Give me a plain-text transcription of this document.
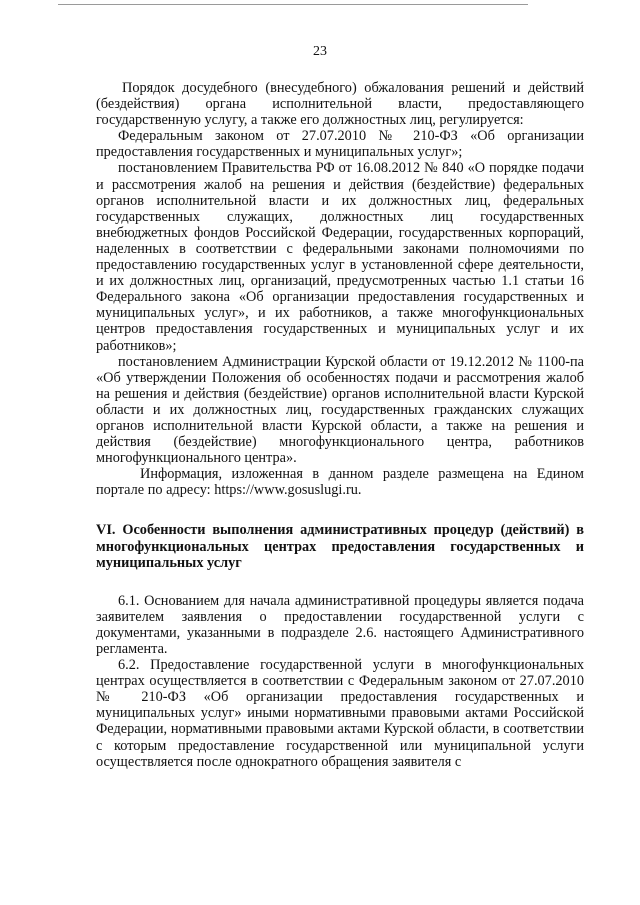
23

Порядок досудебного (внесудебного) обжалования решений и действий (бездействия) органа исполнительной власти, предоставляющего государственную услугу, а также его должностных лиц, регулируется:

Федеральным законом от 27.07.2010 № 210-ФЗ «Об организации предоставления государственных и муниципальных услуг»;

постановлением Правительства РФ от 16.08.2012 № 840 «О порядке подачи и рассмотрения жалоб на решения и действия (бездействие) федеральных органов исполнительной власти и их должностных лиц, федеральных государственных служащих, должностных лиц государственных внебюджетных фондов Российской Федерации, государственных корпораций, наделенных в соответствии с федеральными законами полномочиями по предоставлению государственных услуг в установленной сфере деятельности, и их должностных лиц, организаций, предусмотренных частью 1.1 статьи 16 Федерального закона «Об организации предоставления государственных и муниципальных услуг», и их работников, а также многофункциональных центров предоставления государственных и муниципальных услуг и их работников»;

постановлением Администрации Курской области от 19.12.2012 № 1100-па «Об утверждении Положения об особенностях подачи и рассмотрения жалоб на решения и действия (бездействие) органов исполнительной власти Курской области и их должностных лиц, государственных гражданских служащих органов исполнительной власти Курской области, а также на решения и действия (бездействие) многофункционального центра, работников многофункционального центра».

Информация, изложенная в данном разделе размещена на Едином портале по адресу: https://www.gosuslugi.ru.

VI. Особенности выполнения административных процедур (действий) в многофункциональных центрах предоставления государственных и муниципальных услуг

6.1. Основанием для начала административной процедуры является подача заявителем заявления о предоставлении государственной услуги с документами, указанными в подразделе 2.6. настоящего Административного регламента.

6.2. Предоставление государственной услуги в многофункциональных центрах осуществляется в соответствии с Федеральным законом от 27.07.2010 № 210-ФЗ «Об организации предоставления государственных и муниципальных услуг» иными нормативными правовыми актами Российской Федерации, нормативными правовыми актами Курской области, в соответствии с которым предоставление государственной или муниципальной услуги осуществляется после однократного обращения заявителя с
